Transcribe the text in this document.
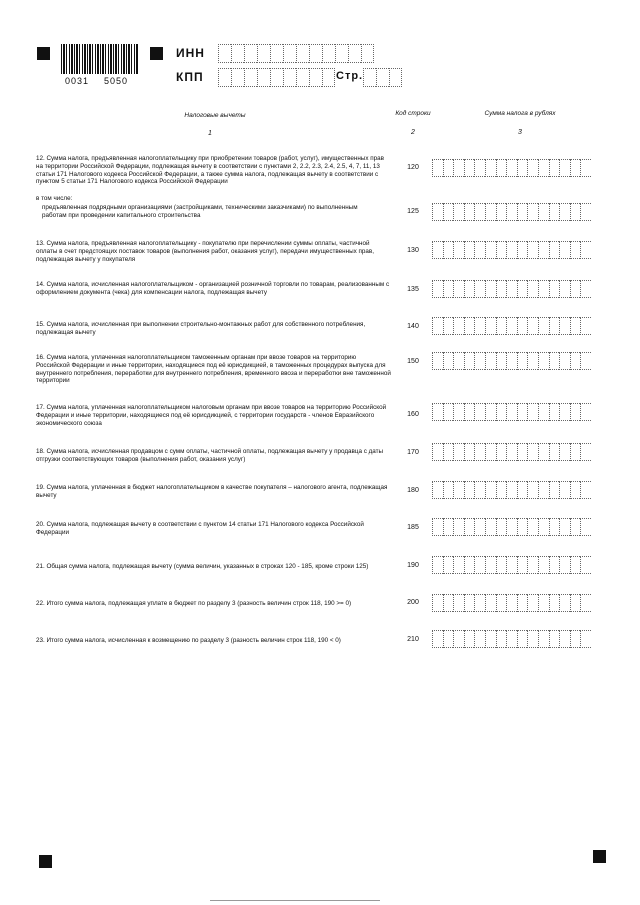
0031 5050
ИНН
КПП	Стр.
Налоговые вычеты	Код строки	Сумма налога в рублях
1	2	3
12. Сумма налога, предъявленная налогоплательщику при приобретении товаров (работ, услуг), имущественных прав на территории Российской Федерации, подлежащая вычету в соответствии с пунктами 2, 2.2, 2.3, 2.4, 2.5, 4, 7, 11, 13 статьи 171 Налогового кодекса Российской Федерации, а также сумма налога, подлежащая вычету в соответствии с пунктом 5 статьи 171 Налогового кодекса Российской Федерации
120
в том числе:
предъявленная подрядными организациями (застройщиками, техническими заказчиками) по выполненным работам при проведении капитального строительства
125
13. Сумма налога, предъявленная налогоплательщику - покупателю при перечислении суммы оплаты, частичной оплаты в счет предстоящих поставок товаров (выполнения работ, оказания услуг), передачи имущественных прав, подлежащая вычету у покупателя
130
14. Сумма налога, исчисленная налогоплательщиком - организацией розничной торговли по товарам, реализованным с оформлением документа (чека) для компенсации налога, подлежащая вычету	135
15. Сумма налога, исчисленная при выполнении строительно-монтажных работ для собственного потребления, подлежащая вычету
140
16. Сумма налога, уплаченная налогоплательщиком таможенным органам при ввозе товаров на территорию Российской Федерации и иные территории, находящиеся под её юрисдикцией, в таможенных процедурах выпуска для внутреннего потребления, переработки для внутреннего потребления, временного ввоза и переработки вне таможенной территории
150
17. Сумма налога, уплаченная налогоплательщиком налоговым органам при ввозе товаров на территорию Российской Федерации и иные территории, находящиеся под её юрисдикцией, с территории государств - членов Евразийского экономического союза
160
18. Сумма налога, исчисленная продавцом с сумм оплаты, частичной оплаты, подлежащая вычету у продавца с даты отгрузки соответствующих товаров (выполнения работ, оказания услуг)
170
19. Сумма налога, уплаченная в бюджет налогоплательщиком в качестве покупателя – налогового агента, подлежащая вычету
180
20. Сумма налога, подлежащая вычету в соответствии с пунктом 14 статьи 171 Налогового кодекса Российской Федерации
185
21. Общая сумма налога, подлежащая вычету (сумма величин, указанных в строках 120 - 185, кроме строки 125)	190
22. Итого сумма налога, подлежащая уплате в бюджет по разделу 3 (разность величин строк 118, 190 >= 0)	200
23. Итого сумма налога, исчисленная к возмещению по разделу 3 (разность величин строк 118, 190 < 0)	210
